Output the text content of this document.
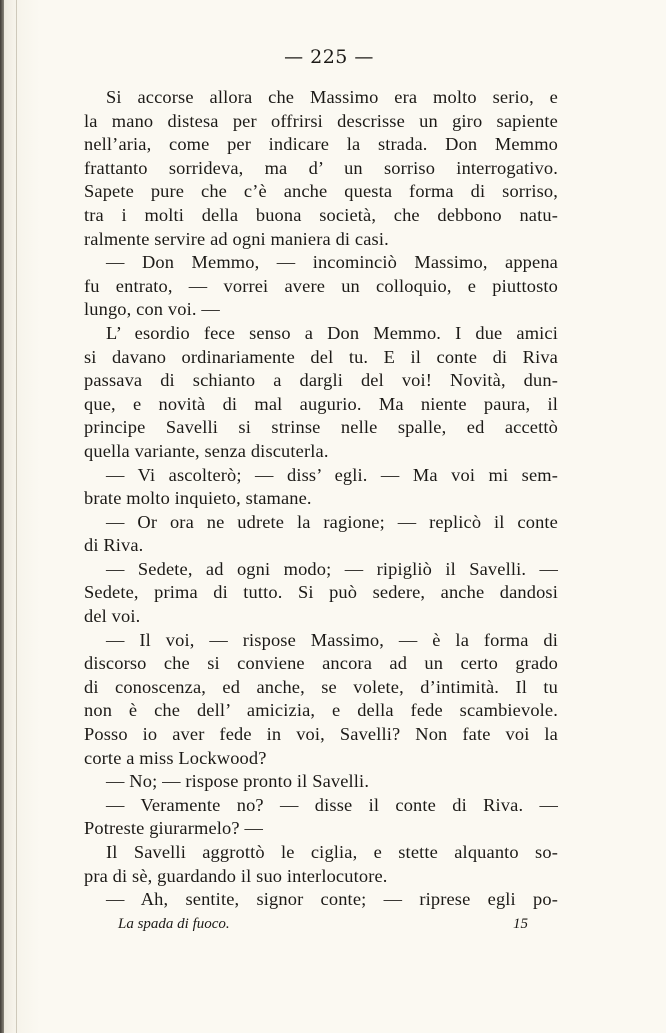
— 225 —
Si accorse allora che Massimo era molto serio, e
la mano distesa per offrirsi descrisse un giro sapiente
nell’aria, come per indicare la strada. Don Memmo
frattanto sorrideva, ma d’ un sorriso interrogativo.
Sapete pure che c’è anche questa forma di sorriso,
tra i molti della buona società, che debbono natu-
ralmente servire ad ogni maniera di casi.
— Don Memmo, — incominciò Massimo, appena
fu entrato, — vorrei avere un colloquio, e piuttosto
lungo, con voi. —
L’ esordio fece senso a Don Memmo. I due amici
si davano ordinariamente del tu. E il conte di Riva
passava di schianto a dargli del voi! Novità, dun-
que, e novità di mal augurio. Ma niente paura, il
principe Savelli si strinse nelle spalle, ed accettò
quella variante, senza discuterla.
— Vi ascolterò; — diss’ egli. — Ma voi mi sem-
brate molto inquieto, stamane.
— Or ora ne udrete la ragione; — replicò il conte
di Riva.
— Sedete, ad ogni modo; — ripigliò il Savelli. —
Sedete, prima di tutto. Si può sedere, anche dandosi
del voi.
— Il voi, — rispose Massimo, — è la forma di
discorso che si conviene ancora ad un certo grado
di conoscenza, ed anche, se volete, d’intimità. Il tu
non è che dell’ amicizia, e della fede scambievole.
Posso io aver fede in voi, Savelli? Non fate voi la
corte a miss Lockwood?
— No; — rispose pronto il Savelli.
— Veramente no? — disse il conte di Riva. —
Potreste giurarmelo? —
Il Savelli aggrottò le ciglia, e stette alquanto so-
pra di sè, guardando il suo interlocutore.
— Ah, sentite, signor conte; — riprese egli po-
La spada di fuoco.	15
